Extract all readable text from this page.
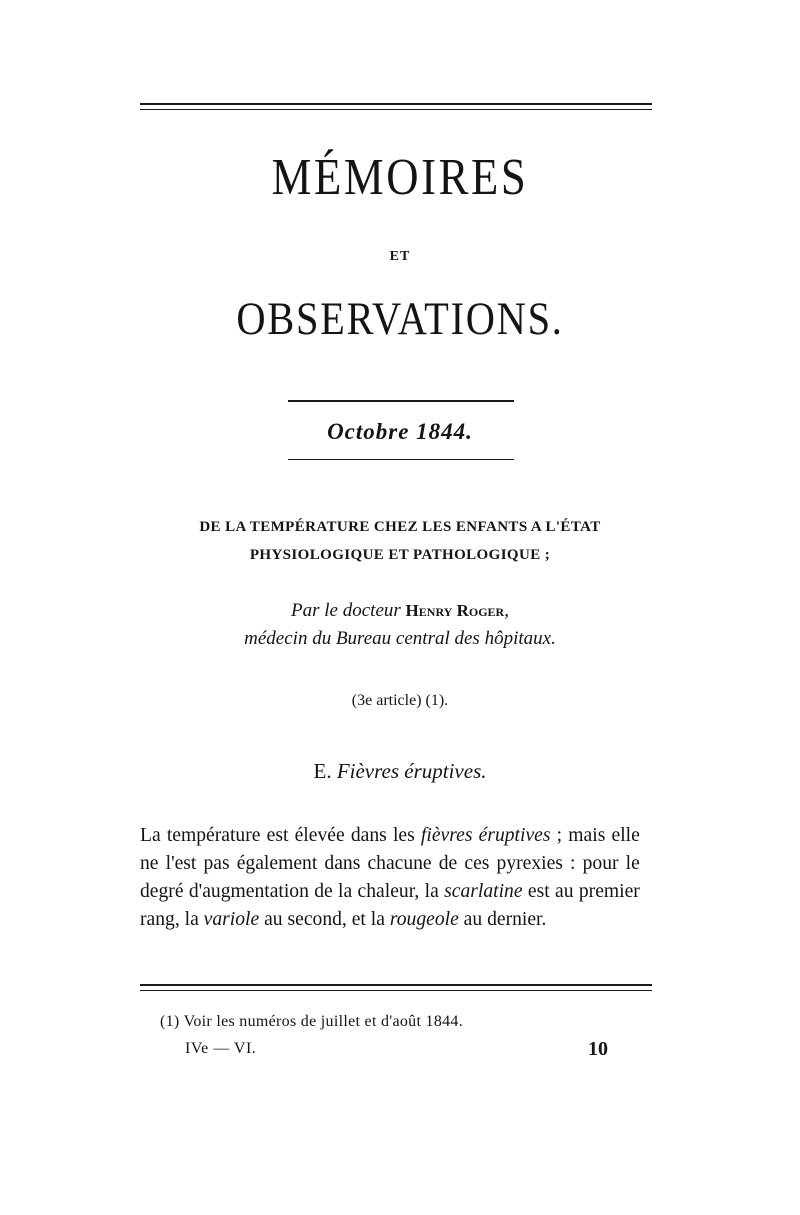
MÉMOIRES
ET
OBSERVATIONS.
Octobre 1844.
DE LA TEMPÉRATURE CHEZ LES ENFANTS A L'ÉTAT PHYSIOLOGIQUE ET PATHOLOGIQUE ;
Par le docteur Henry Roger,
médecin du Bureau central des hôpitaux.
(3e article) (1).
E. Fièvres éruptives.

La température est élevée dans les fièvres éruptives ; mais elle ne l'est pas également dans chacune de ces pyrexies : pour le degré d'augmentation de la chaleur, la scarlatine est au premier rang, la variole au second, et la rougeole au dernier.

(1) Voir les numéros de juillet et d'août 1844.
IVe — VI.	10
